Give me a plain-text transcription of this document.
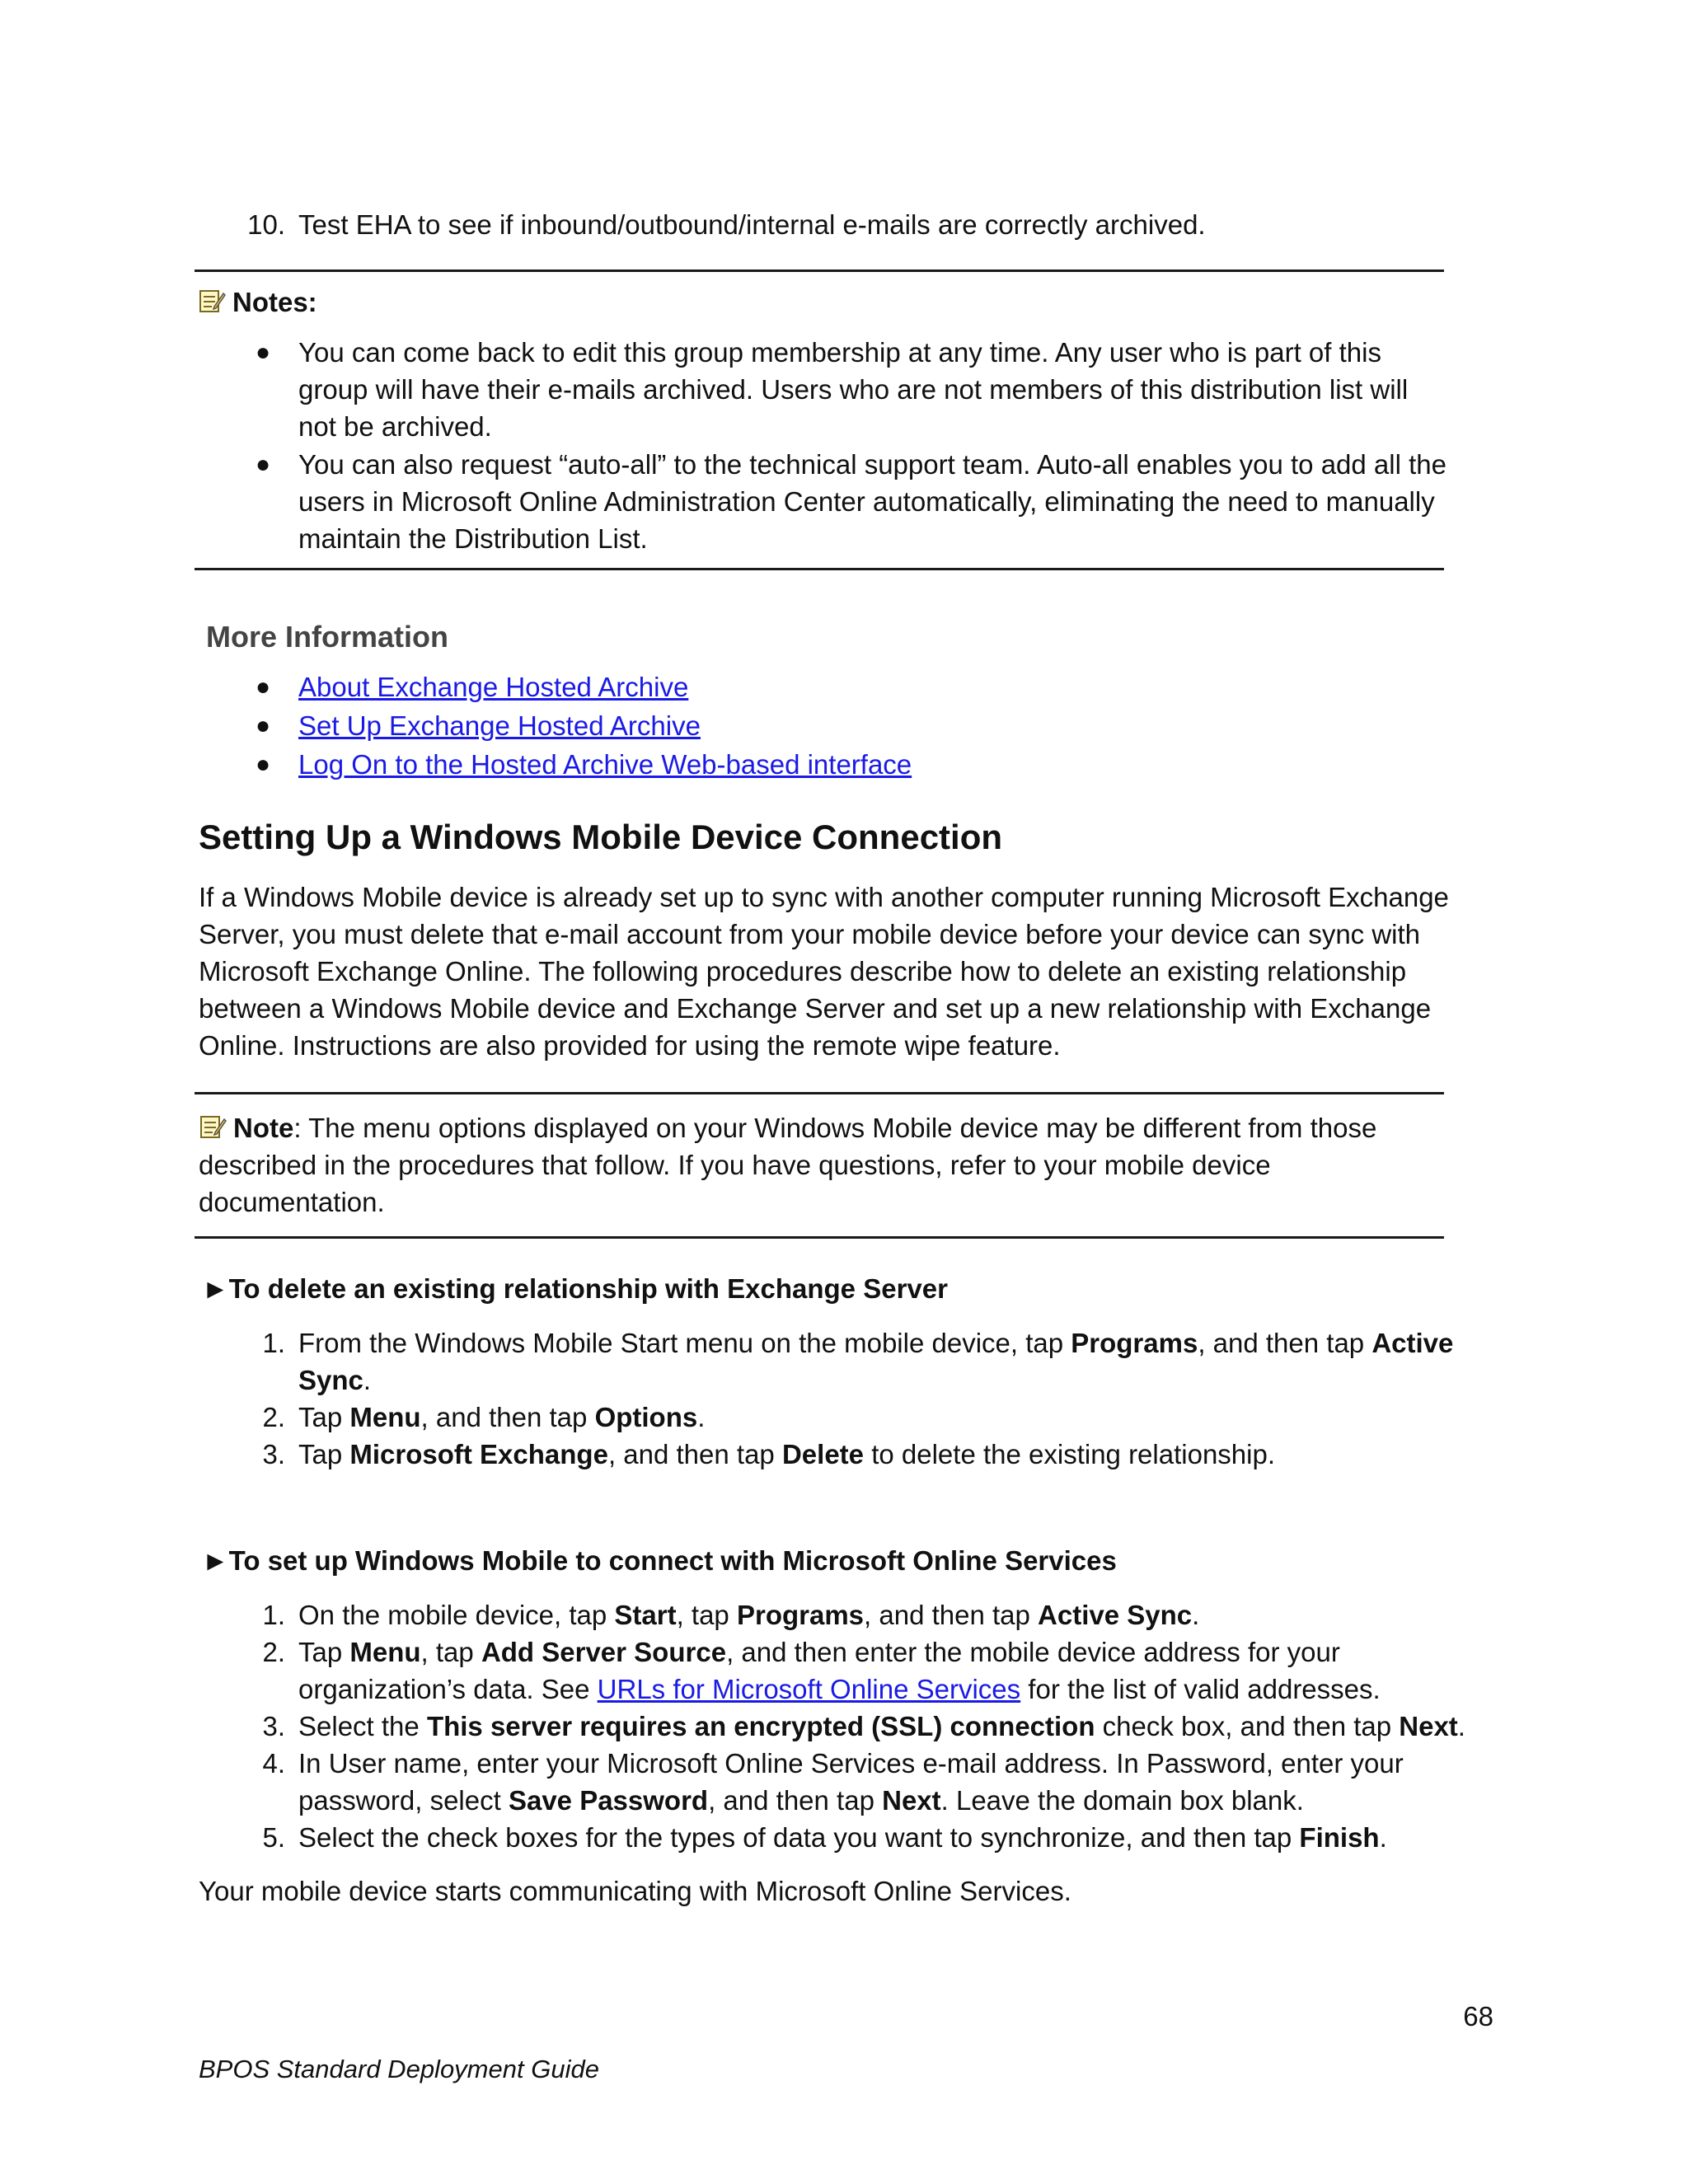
10. Test EHA to see if inbound/outbound/internal e-mails are correctly archived.
Notes:
● You can come back to edit this group membership at any time. Any user who is part of this
group will have their e-mails archived. Users who are not members of this distribution list will
not be archived.
● You can also request “auto-all” to the technical support team. Auto-all enables you to add all the
users in Microsoft Online Administration Center automatically, eliminating the need to manually
maintain the Distribution List.
More Information
● About Exchange Hosted Archive
● Set Up Exchange Hosted Archive
● Log On to the Hosted Archive Web-based interface
Setting Up a Windows Mobile Device Connection
If a Windows Mobile device is already set up to sync with another computer running Microsoft Exchange
Server, you must delete that e-mail account from your mobile device before your device can sync with
Microsoft Exchange Online. The following procedures describe how to delete an existing relationship
between a Windows Mobile device and Exchange Server and set up a new relationship with Exchange
Online. Instructions are also provided for using the remote wipe feature.
Note: The menu options displayed on your Windows Mobile device may be different from those
described in the procedures that follow. If you have questions, refer to your mobile device
documentation.
►To delete an existing relationship with Exchange Server
1. From the Windows Mobile Start menu on the mobile device, tap Programs, and then tap Active
Sync.
2. Tap Menu, and then tap Options.
3. Tap Microsoft Exchange, and then tap Delete to delete the existing relationship.
►To set up Windows Mobile to connect with Microsoft Online Services
1. On the mobile device, tap Start, tap Programs, and then tap Active Sync.
2. Tap Menu, tap Add Server Source, and then enter the mobile device address for your
organization’s data. See URLs for Microsoft Online Services for the list of valid addresses.
3. Select the This server requires an encrypted (SSL) connection check box, and then tap Next.
4. In User name, enter your Microsoft Online Services e-mail address. In Password, enter your
password, select Save Password, and then tap Next. Leave the domain box blank.
5. Select the check boxes for the types of data you want to synchronize, and then tap Finish.
Your mobile device starts communicating with Microsoft Online Services.
68
BPOS Standard Deployment Guide
